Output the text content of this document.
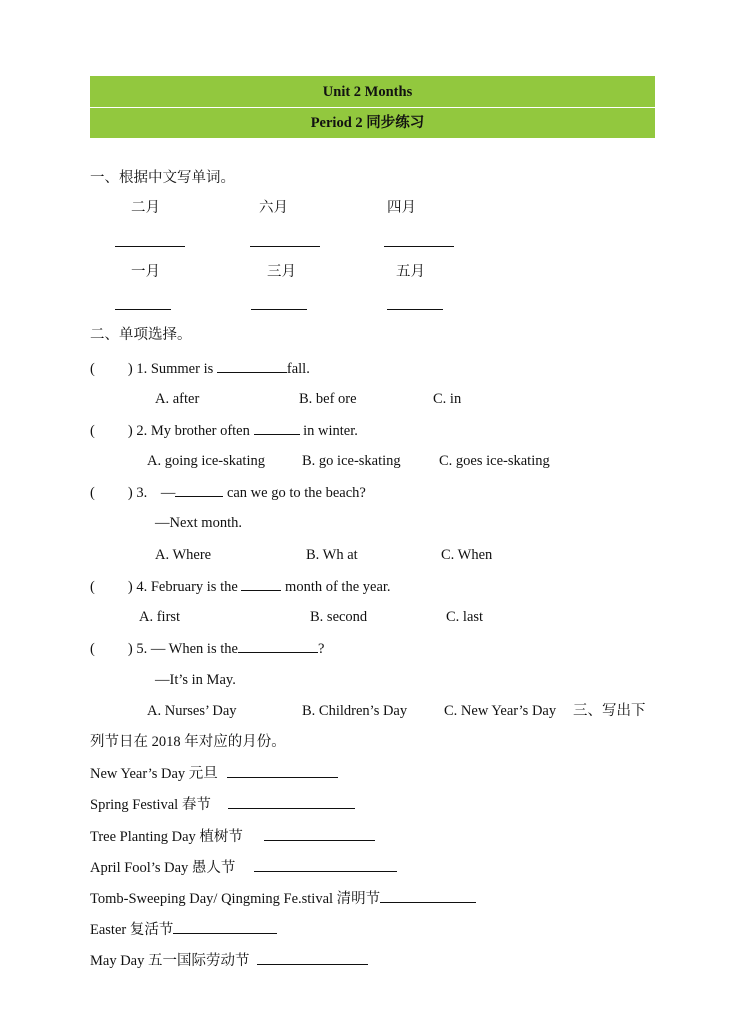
Unit 2 Months
Period 2 同步练习
一、根据中文写单词。
二月	六月	四月
一月	三月	五月
二、单项选择。
( ) 1. Summer is	fall.
A. after	B. bef ore	C. in
( ) 2. My brother often	in winter.
A. going ice-skating	B. go ice-skating	C. goes ice-skating
( ) 3. —	can we go to the beach?
—Next month.
A. Where	B. Wh at	C. When
( ) 4. February is the	month of the year.
A. first	B. second	C. last
( ) 5. — When is the	?
—It’s in May.
A. Nurses’ Day	B. Children’s Day	C. New Year’s Day 三、写出下
列节日在 2018 年对应的月份。
New Year’s Day 元旦
Spring Festival 春节
Tree Planting Day 植树节
April Fool’s Day 愚人节
Tomb-Sweeping Day/ Qingming Fe.stival 清明节
Easter 复活节
May Day 五一国际劳动节
